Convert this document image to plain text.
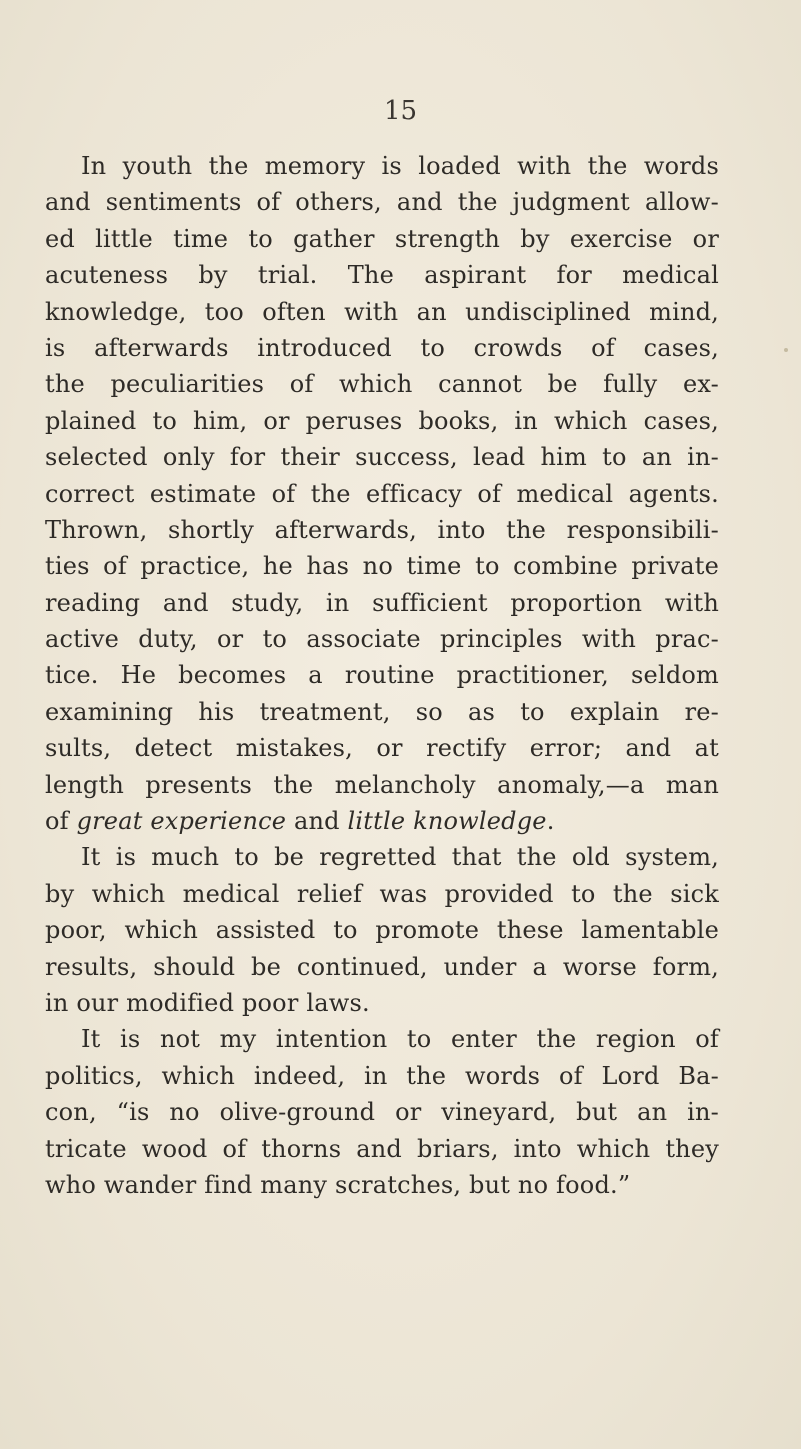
15
In youth the memory is loaded with the words
and sentiments of others, and the judgment allow-
ed little time to gather strength by exercise or
acuteness by trial. The aspirant for medical
knowledge, too often with an undisciplined mind,
is afterwards introduced to crowds of cases,
the peculiarities of which cannot be fully ex-
plained to him, or peruses books, in which cases,
selected only for their success, lead him to an in-
correct estimate of the efficacy of medical agents.
Thrown, shortly afterwards, into the responsibili-
ties of practice, he has no time to combine private
reading and study, in sufficient proportion with
active duty, or to associate principles with prac-
tice. He becomes a routine practitioner, seldom
examining his treatment, so as to explain re-
sults, detect mistakes, or rectify error; and at
length presents the melancholy anomaly,—a man
of great experience and little knowledge.
It is much to be regretted that the old system,
by which medical relief was provided to the sick
poor, which assisted to promote these lamentable
results, should be continued, under a worse form,
in our modified poor laws.
It is not my intention to enter the region of
politics, which indeed, in the words of Lord Ba-
con, “is no olive-ground or vineyard, but an in-
tricate wood of thorns and briars, into which they
who wander find many scratches, but no food.”
